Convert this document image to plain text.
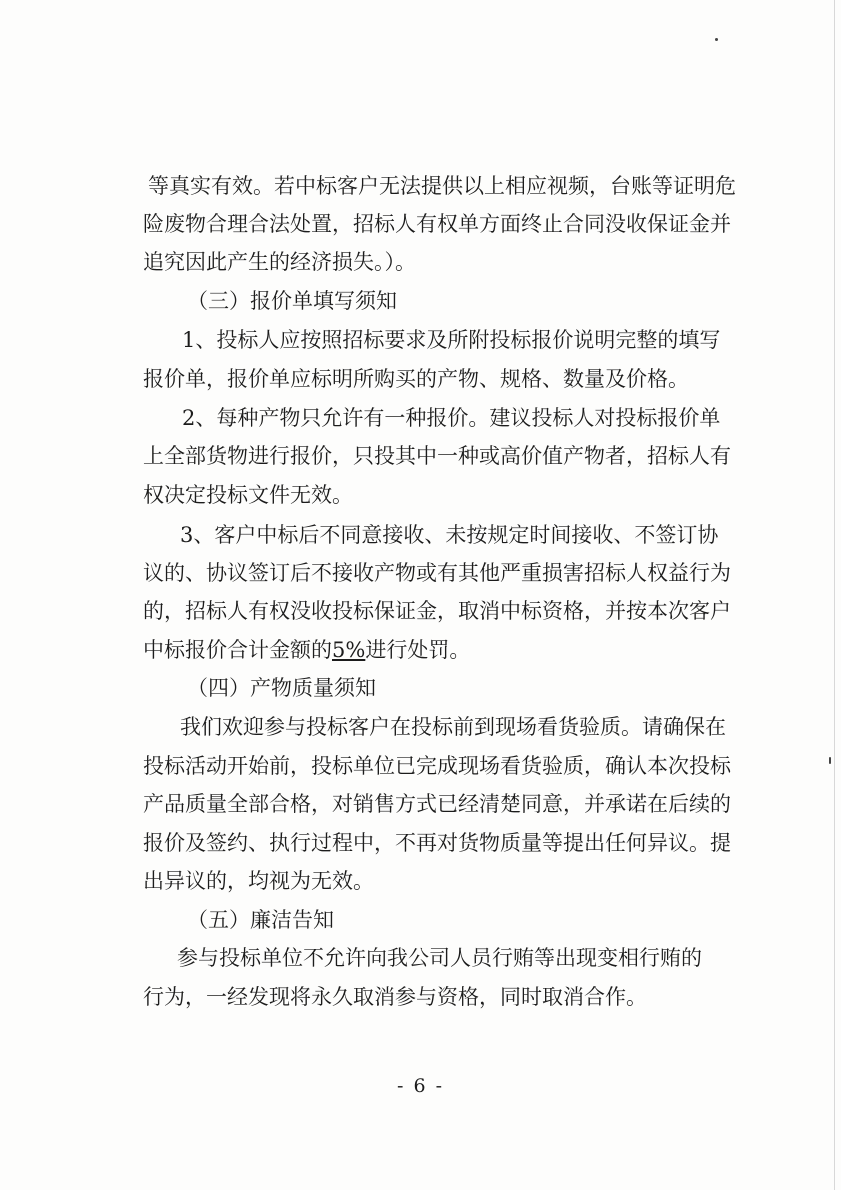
等真实有效。若中标客户无法提供以上相应视频，台账等证明危
险废物合理合法处置，招标人有权单方面终止合同没收保证金并
追究因此产生的经济损失。）。
（三）报价单填写须知
1、投标人应按照招标要求及所附投标报价说明完整的填写
报价单，报价单应标明所购买的产物、规格、数量及价格。
2、每种产物只允许有一种报价。建议投标人对投标报价单
上全部货物进行报价，只投其中一种或高价值产物者，招标人有
权决定投标文件无效。
3、客户中标后不同意接收、未按规定时间接收、不签订协
议的、协议签订后不接收产物或有其他严重损害招标人权益行为
的，招标人有权没收投标保证金，取消中标资格，并按本次客户
中标报价合计金额的5%进行处罚。
（四）产物质量须知
我们欢迎参与投标客户在投标前到现场看货验质。请确保在
投标活动开始前，投标单位已完成现场看货验质，确认本次投标
产品质量全部合格，对销售方式已经清楚同意，并承诺在后续的
报价及签约、执行过程中，不再对货物质量等提出任何异议。提
出异议的，均视为无效。
（五）廉洁告知
参与投标单位不允许向我公司人员行贿等出现变相行贿的
行为，一经发现将永久取消参与资格，同时取消合作。
- 6 -
